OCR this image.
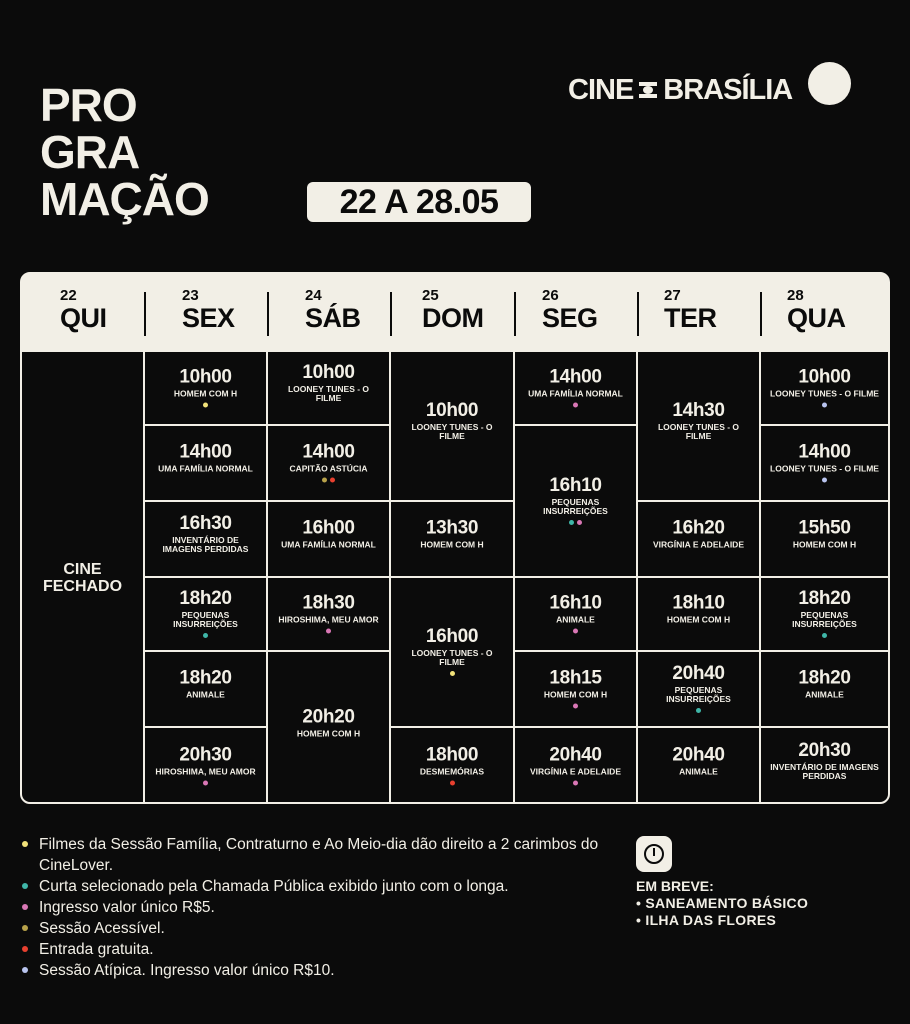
PRO
GRA
MAÇÃO	22 A 28.05
CINE BRASÍLIA
22
QUI
23
SEX
24
SÁB
25
DOM
26
SEG
27
TER
28
QUA
CINE FECHADO
10h00
HOMEM COM H
14h00
UMA FAMÍLIA NORMAL
16h30
INVENTÁRIO DE IMAGENS PERDIDAS
18h20
PEQUENAS INSURREIÇÕES
18h20
ANIMALE
20h30
HIROSHIMA, MEU AMOR
10h00
LOONEY TUNES - O FILME
14h00
CAPITÃO ASTÚCIA
16h00
UMA FAMÍLIA NORMAL
18h30
HIROSHIMA, MEU AMOR
20h20
HOMEM COM H
10h00
LOONEY TUNES - O FILME
13h30
HOMEM COM H
16h00
LOONEY TUNES - O FILME
18h00
DESMEMÓRIAS
14h00
UMA FAMÍLIA NORMAL
16h10
PEQUENAS INSURREIÇÕES
16h10
ANIMALE
18h15
HOMEM COM H
20h40
VIRGÍNIA E ADELAIDE
14h30
LOONEY TUNES - O FILME
16h20
VIRGÍNIA E ADELAIDE
18h10
HOMEM COM H
20h40
PEQUENAS INSURREIÇÕES
20h40
ANIMALE
10h00
LOONEY TUNES - O FILME
14h00
LOONEY TUNES - O FILME
15h50
HOMEM COM H
18h20
PEQUENAS INSURREIÇÕES
18h20
ANIMALE
20h30
INVENTÁRIO DE IMAGENS PERDIDAS
Filmes da Sessão Família, Contraturno e Ao Meio-dia dão direito a 2 carimbos do CineLover.
Curta selecionado pela Chamada Pública exibido junto com o longa.
Ingresso valor único R$5.
Sessão Acessível.
Entrada gratuita.
Sessão Atípica. Ingresso valor único R$10.
EM BREVE:
• SANEAMENTO BÁSICO
• ILHA DAS FLORES
